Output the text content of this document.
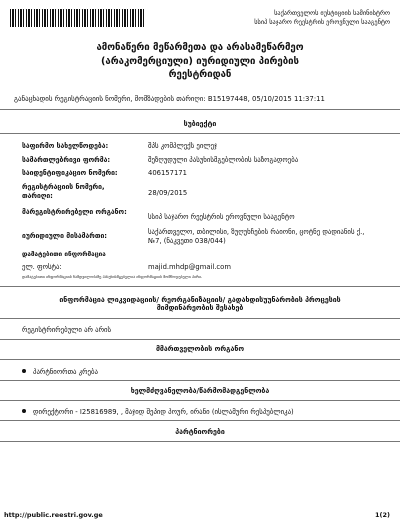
საქართველოს იუსტიციის სამინისტრო
სსიპ საჯარო რეესტრის ეროვნული სააგენტო
ამონაწერი მეწარმეთა და არასამეწარმეო
(არაკომერციული) იურიდიული პირების
რეესტრიდან
განაცხადის რეგისტრაციის ნომერი, მომზადების თარიღი: B15197448, 05/10/2015 11:37:11
სუბიექტი
საფირმო სახელწოდება:	შპს კომპლექს ეილეჯ
სამართლებრივი ფორმა:	შეზღუდული პასუხისმგებლობის საზოგადოება
საიდენტიფიკაციო ნომერი:	406157171
რეგისტრაციის ნომერი, თარიღი:	28/09/2015
მარეგისტრირებელი ორგანო:
სსიპ საჯარო რეესტრის ეროვნული სააგენტო
იურიდიული მისამართი:	საქართველო, თბილისი, ზუღუხჩების რაიონი, ცოტნე დადიანის ქ., №7, (ნაკვეთი 038/044)
დამატებითი ინფორმაცია
ელ. ფოსტა:	majid.mhdp@gmail.com
დამატებითი ინფორმაციის ნამდვილობაზე პასუხისმგებელია ინფორმაციის მომწოდებელი პირი.
ინფორმაცია ლიკვიდაციის/ რეორგანიზაციის/ გადახდისუუნარობის პროცესის
მიმდინარეობის შესახებ
რეგისტრირებული არ არის
მმართველობის ორგანო
პარტნიორთა კრება
ხელმძღვანელობა/წარმომადგენლობა
დირექტორი - I25816989, , მაჯიდ შეპიდ პოურ, ირანი (ისლამური რესპუბლიკა)
პარტნიორები
http://public.reestri.gov.ge	1(2)
